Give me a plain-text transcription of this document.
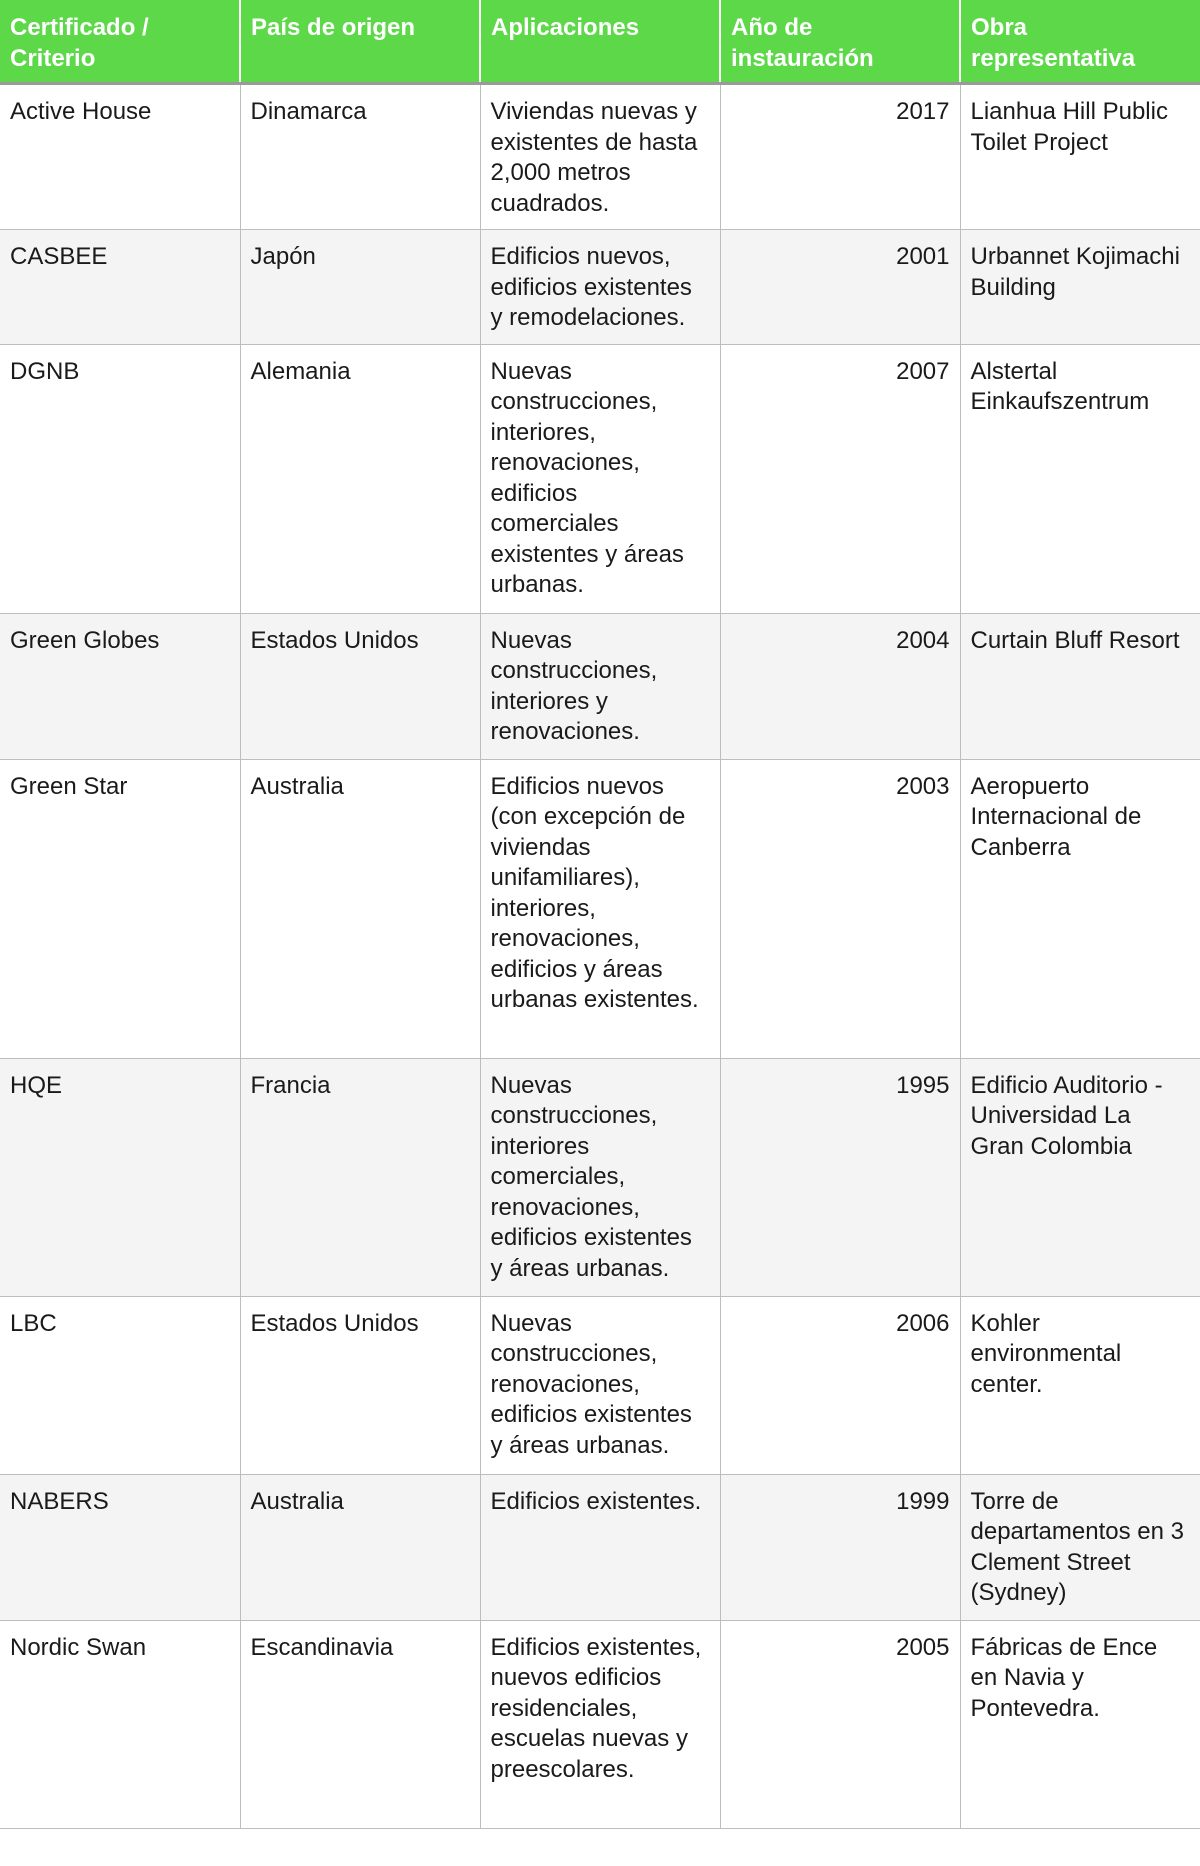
Certificado / Criterio	País de origen	Aplicaciones	Año de instauración	Obra representativa
Active House	Dinamarca	Viviendas nuevas y existentes de hasta 2,000 metros cuadrados.	2017	Lianhua Hill Public Toilet Project
CASBEE	Japón	Edificios nuevos, edificios existentes y remodelaciones.	2001	Urbannet Kojimachi Building
DGNB	Alemania	Nuevas construcciones, interiores, renovaciones, edificios comerciales existentes y áreas urbanas.	2007	Alstertal Einkaufszentrum
Green Globes	Estados Unidos	Nuevas construcciones, interiores y renovaciones.	2004	Curtain Bluff Resort
Green Star	Australia	Edificios nuevos (con excepción de viviendas unifamiliares), interiores, renovaciones, edificios y áreas urbanas existentes.	2003	Aeropuerto Internacional de Canberra
HQE	Francia	Nuevas construcciones, interiores comerciales, renovaciones, edificios existentes y áreas urbanas.	1995	Edificio Auditorio - Universidad La Gran Colombia
LBC	Estados Unidos	Nuevas construcciones, renovaciones, edificios existentes y áreas urbanas.	2006	Kohler environmental center.
NABERS	Australia	Edificios existentes.	1999	Torre de departamentos en 3 Clement Street (Sydney)
Nordic Swan	Escandinavia	Edificios existentes, nuevos edificios residenciales, escuelas nuevas y preescolares.	2005	Fábricas de Ence en Navia y Pontevedra.
